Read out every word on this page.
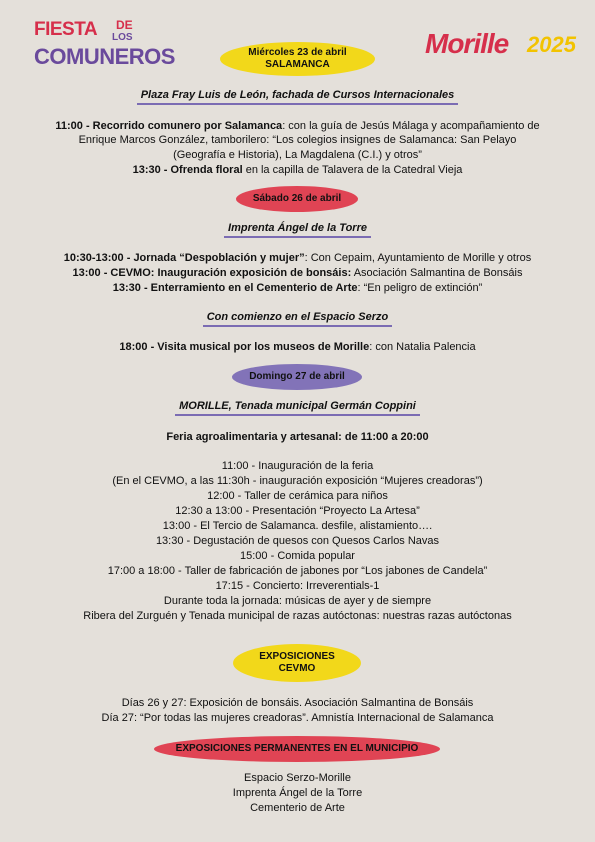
FIESTA DE
LOS
COMUNEROS	Morille 2025
Miércoles 23 de abril
SALAMANCA
Plaza Fray Luis de León, fachada de Cursos Internacionales
11:00 - Recorrido comunero por Salamanca: con la guía de Jesús Málaga y acompañamiento de
Enrique Marcos González, tamborilero: “Los colegios insignes de Salamanca: San Pelayo
(Geografía e Historia), La Magdalena (C.I.) y otros”
13:30 - Ofrenda floral en la capilla de Talavera de la Catedral Vieja
Sábado 26 de abril
Imprenta Ángel de la Torre
10:30-13:00 - Jornada “Despoblación y mujer”: Con Cepaim, Ayuntamiento de Morille y otros
13:00 - CEVMO: Inauguración exposición de bonsáis: Asociación Salmantina de Bonsáis
13:30 - Enterramiento en el Cementerio de Arte: “En peligro de extinción”
Con comienzo en el Espacio Serzo
18:00 - Visita musical por los museos de Morille: con Natalia Palencia
Domingo 27 de abril
MORILLE, Tenada municipal Germán Coppini
Feria agroalimentaria y artesanal: de 11:00 a 20:00
11:00 - Inauguración de la feria
(En el CEVMO, a las 11:30h - inauguración exposición “Mujeres creadoras”)
12:00 - Taller de cerámica para niños
12:30 a 13:00 - Presentación “Proyecto La Artesa”
13:00 - El Tercio de Salamanca. desfile, alistamiento….
13:30 - Degustación de quesos con Quesos Carlos Navas
15:00 - Comida popular
17:00 a 18:00 - Taller de fabricación de jabones por “Los jabones de Candela”
17:15 - Concierto: Irreverentials-1
Durante toda la jornada: músicas de ayer y de siempre
Ribera del Zurguén y Tenada municipal de razas autóctonas: nuestras razas autóctonas
EXPOSICIONES
CEVMO
Días 26 y 27: Exposición de bonsáis. Asociación Salmantina de Bonsáis
Día 27: “Por todas las mujeres creadoras”. Amnistía Internacional de Salamanca
EXPOSICIONES PERMANENTES EN EL MUNICIPIO
Espacio Serzo-Morille
Imprenta Ángel de la Torre
Cementerio de Arte
